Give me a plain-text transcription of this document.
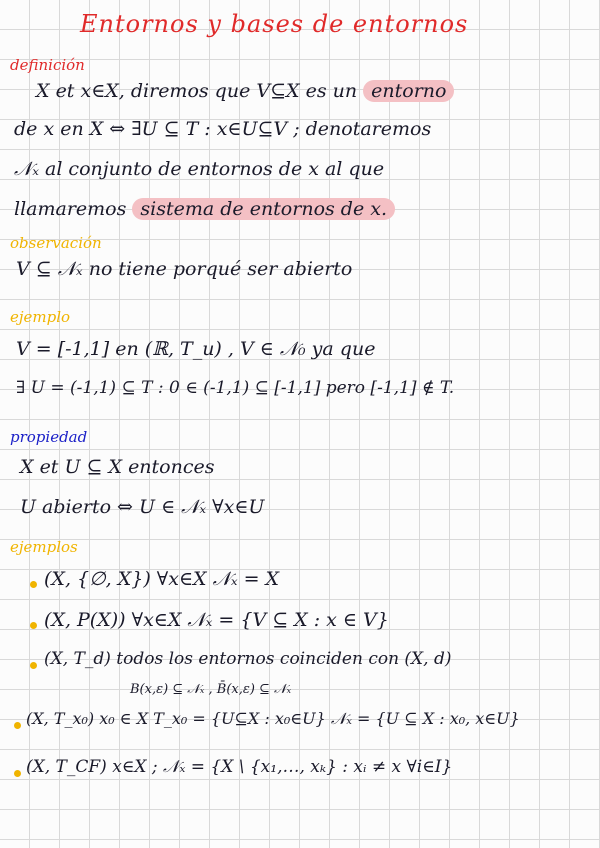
Entornos y bases de entornos
definición
X et x∈X, diremos que V⊆X es un entorno
de x en X ⇔ ∃U ⊆ T : x∈U⊆V ; denotaremos
𝒩ₓ al conjunto de entornos de x al que
llamaremos sistema de entornos de x.
observación
V ⊆ 𝒩ₓ no tiene porqué ser abierto
ejemplo
V = [-1,1] en (ℝ, T_u) , V ∈ 𝒩₀ ya que
∃ U = (-1,1) ⊆ T : 0 ∈ (-1,1) ⊆ [-1,1] pero [-1,1] ∉ T.
propiedad
X et U ⊆ X entonces
U abierto ⇔ U ∈ 𝒩ₓ ∀x∈U
ejemplos
(X, {∅, X}) ∀x∈X 𝒩ₓ = X
(X, P(X)) ∀x∈X 𝒩ₓ = {V ⊆ X : x ∈ V}
(X, T_d) todos los entornos coinciden con (X, d)
B(x,ε) ⊆ 𝒩ₓ , B̄(x,ε) ⊆ 𝒩ₓ
(X, T_x₀) x₀ ∈ X T_x₀ = {U⊆X : x₀∈U} 𝒩ₓ = {U ⊆ X : x₀, x∈U}
(X, T_CF) x∈X ; 𝒩ₓ = {X \ {x₁,…, xₖ} : xᵢ ≠ x ∀i∈I}
